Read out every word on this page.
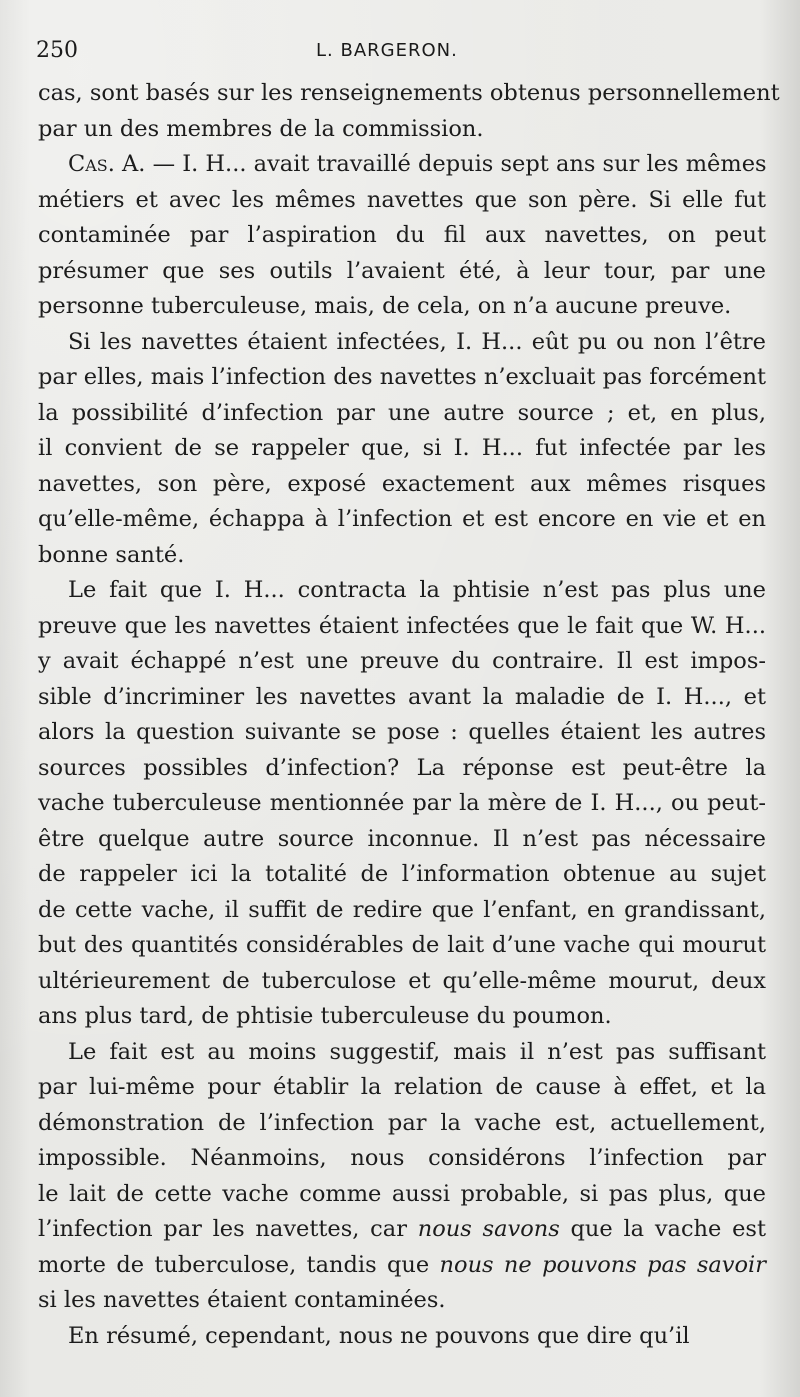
250	L. BARGERON.
cas, sont basés sur les renseignements obtenus personnellement
par un des membres de la commission.
Cas. A. — I. H... avait travaillé depuis sept ans sur les mêmes
métiers et avec les mêmes navettes que son père. Si elle fut
contaminée par l’aspiration du fil aux navettes, on peut
présumer que ses outils l’avaient été, à leur tour, par une
personne tuberculeuse, mais, de cela, on n’a aucune preuve.
Si les navettes étaient infectées, I. H... eût pu ou non l’être
par elles, mais l’infection des navettes n’excluait pas forcément
la possibilité d’infection par une autre source ; et, en plus,
il convient de se rappeler que, si I. H... fut infectée par les
navettes, son père, exposé exactement aux mêmes risques
qu’elle-même, échappa à l’infection et est encore en vie et en
bonne santé.
Le fait que I. H... contracta la phtisie n’est pas plus une
preuve que les navettes étaient infectées que le fait que W. H...
y avait échappé n’est une preuve du contraire. Il est impos-
sible d’incriminer les navettes avant la maladie de I. H..., et
alors la question suivante se pose : quelles étaient les autres
sources possibles d’infection? La réponse est peut-être la
vache tuberculeuse mentionnée par la mère de I. H..., ou peut-
être quelque autre source inconnue. Il n’est pas nécessaire
de rappeler ici la totalité de l’information obtenue au sujet
de cette vache, il suffit de redire que l’enfant, en grandissant,
but des quantités considérables de lait d’une vache qui mourut
ultérieurement de tuberculose et qu’elle-même mourut, deux
ans plus tard, de phtisie tuberculeuse du poumon.
Le fait est au moins suggestif, mais il n’est pas suffisant
par lui-même pour établir la relation de cause à effet, et la
démonstration de l’infection par la vache est, actuellement,
impossible. Néanmoins, nous considérons l’infection par
le lait de cette vache comme aussi probable, si pas plus, que
l’infection par les navettes, car nous savons que la vache est
morte de tuberculose, tandis que nous ne pouvons pas savoir
si les navettes étaient contaminées.
En résumé, cependant, nous ne pouvons que dire qu’il
